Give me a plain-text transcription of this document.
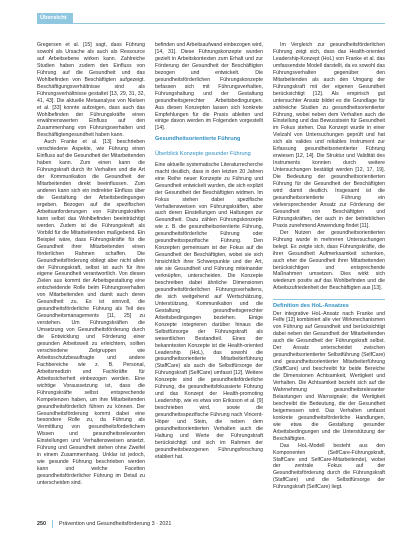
Übersicht

Gregersen et al. [15] sagt, dass Führung sowohl als Ursache als auch als Ressource auf Arbeitsebene wirken kann. Zahlreiche Studien haben zudem den Einfluss von Führung auf die Gesundheit und das Wohlbefinden von Beschäftigten aufgezeigt. Beschäftigungsverhältnisse sind als Führungsverhältnisse gestaltet [13, 29, 31, 32, 41, 43]. Die aktuelle Metaanalyse von Nielsen et al. [33] konnte aufzeigen, dass auch das Wohlbefinden der Führungskräfte einen erwähnenswerten Einfluss auf den Zusammenhang von Führungsverhalten und Beschäftigtengesundheit haben kann.

Auch Franke et al. [13] beschrieben verschiedene Aspekte, wie Führung einen Einfluss auf die Gesundheit der Mitarbeitenden haben kann. Zum einen kann die Führungskraft durch ihr Verhalten und die Art der Kommunikation die Gesundheit der Mitarbeitenden direkt beeinflussen. Zum anderen kann sich ein indirekter Einfluss über die Gestaltung der Arbeitsbedingungen ergeben. Bezogen auf die spezifischen Arbeitsanforderungen von Führungskräften kann selbst das Wohlbefinden beeinträchtigt werden. Zudem ist die Führungskraft als Vorbild für die Mitarbeitenden maßgebend. Ein Beispiel wäre, dass Führungskräfte für die Gesundheit ihrer Mitarbeitenden einen förderlichen Rahmen schaffen. Die Gesundheitsförderung obliegt aber nicht allein der Führungskraft, selbst ist auch für ihre eigene Gesundheit verantwortlich. Von diesen Zielen aus kommt der Arbeitsgestaltung eine entscheidende Rolle beim Führungsverhalten von Mitarbeitenden und damit auch deren Gesundheit zu. Es ist sinnvoll, die gesundheitsförderliche Führung als Teil des Gesundheitsmanagements [11, 25] zu verstehen. Um Führungskräften die Umsetzung von Gesundheitsförderung durch die Entwicklung und Förderung einer gesunden Arbeitswelt zu erleichtern, sollten verschiedene Zielgruppen wie Arbeitsschutzbeauftragte und andere Fachbereiche wie z. B. Personal, Arbeitsmedizin und Fachkräfte für Arbeitssicherheit einbezogen werden. Eine wichtige Voraussetzung ist, dass die Führungskräfte selbst entsprechende Kompetenzen haben, um ihre Mitarbeitenden gesundheitsförderlich führen zu können. Der Gesundheitsförderung kommt dabei eine besondere Rolle zu, da Führung als Vermittlung von gesundheitsförderlichem Wissen und gesundheitsrelevanten Einstellungen und Verhaltensweisen ansetzt. Führung und Gesundheit stehen ohne Zweifel in einem Zusammenhang. Unklar ist jedoch, wie gesunde Führung beschrieben werden kann und welche Facetten gesundheitsförderlicher Führung im Detail zu unterscheiden sind.

befinden und Arbeitsaufwand einbezogen wird, [14, 31]. Diese Führungskonzepte wurden gezielt in Arbeitskontexten zum Erhalt und zur Förderung der Gesundheit der Beschäftigten bezogen und entwickelt. Die gesundheitsförderlichen Führungskonzepte befassen sich mit Führungsverhalten, Führungshaltung und der Gestaltung gesundheitsgerechter Arbeitsbedingungen. Aus diesen Konzepten lassen sich konkrete Empfehlungen für die Praxis ableiten und einige davon werden im Folgenden vorgestellt [14].

Gesundheitsorientierte Führung
Überblick Konzepte gesunder Führung

Eine aktuelle systematische Literaturrecherche macht deutlich, dass in den letzten 20 Jahren eine Reihe neuer Konzepte zu Führung und Gesundheit entwickelt wurden, die sich explizit der Gesundheit der Beschäftigten widmen. Im Fokus stehen dabei spezifische Verhaltensweisen von Führungskräften, aber auch deren Einstellungen und Haltungen zur Gesundheit. Dazu zählen Führungskonzepte wie z. B. die gesundheitsorientierte Führung, gesundheitsförderliche Führung oder gesundheitsspezifische Führung. Den Konzepten gemeinsam ist der Fokus auf die Gesundheit der Beschäftigten, wobei sie sich hinsichtlich ihrer Schwerpunkte und der Art, wie sie Gesundheit und Führung miteinander verknüpfen, unterscheiden. Die Konzepte beschreiben dabei ähnliche Dimensionen gesundheitsförderlichen Führungsverhaltens, die sich weitgehend auf Wertschätzung, Unterstützung, Kommunikation und die Gestaltung gesundheitsgerechter Arbeitsbedingungen beziehen. Einige Konzepte integrieren darüber hinaus die Selbstfürsorge der Führungskraft als wesentlichen Bestandteil. Eines der bekanntesten Konzepte ist die Health-oriented Leadership (HoL), das sowohl die gesundheitsorientierte Mitarbeiterführung (StaffCare) als auch die Selbstfürsorge der Führungskraft (SelfCare) umfasst [12]. Weitere Konzepte sind die gesundheitsförderliche Führung, die gesundheitsfokussierte Führung und das Konzept der Health-promoting Leadership, wie es etwa von Eriksson et al. [9] beschrieben wird, sowie die gesundheitsspezifische Führung nach Vincent-Höper und Stein, die neben dem gesundheitsorientierten Verhalten auch die Haltung und Werte der Führungskraft berücksichtigt und sich im Rahmen der gesundheitsbezogenen Führungsforschung etabliert hat.

Im Vergleich zur gesundheitsförderlichen Führung zeigt sich, dass das Health-oriented Leadership-Konzept (HoL) von Franke et al. das umfassendste Modell darstellt, da es sowohl das Führungsverhalten gegenüber den Mitarbeitenden als auch den Umgang der Führungskraft mit der eigenen Gesundheit berücksichtigt [12]. Als empirisch gut untersuchter Ansatz bildet es die Grundlage für zahlreiche Studien zu gesundheitsorientierter Führung, wobei neben dem Verhalten auch die Einstellung und das Bewusstsein für Gesundheit im Fokus stehen. Das Konzept wurde in einer Vielzahl von Untersuchungen geprüft und hat sich als valides und reliables Instrument zur Erfassung gesundheitsorientierter Führung erwiesen [12, 14]. Die Struktur und Validität des Instruments konnten durch weitere Untersuchungen bestätigt werden [12, 17, 19]. Die Bedeutung der gesundheitsorientierten Führung für die Gesundheit der Beschäftigten wird damit deutlich. Insgesamt ist die gesundheitsorientierte Führung ein vielversprechender Ansatz zur Förderung der Gesundheit von Beschäftigten und Führungskräften, der auch in der betrieblichen Praxis zunehmend Anwendung findet [11].

Der Nutzen der gesundheitsorientierten Führung wurde in mehreren Untersuchungen belegt. Es zeigte sich, dass Führungskräfte, die ihrer Gesundheit Aufmerksamkeit schenken, auch eher die Gesundheit ihrer Mitarbeitenden berücksichtigen und entsprechende Maßnahmen umsetzen. Dies wirkt sich wiederum positiv auf das Wohlbefinden und die Arbeitszufriedenheit der Beschäftigten aus [13].

Definition des HoL-Ansatzes

Der integrative HoL-Ansatz nach Franke und Felfe [12] kombiniert alle vier Wirkmechanismen von Führung auf Gesundheit und berücksichtigt dabei neben der Gesundheit der Mitarbeitenden auch die Gesundheit der Führungskraft selbst. Der Ansatz unterscheidet zwischen gesundheitsorientierter Selbstführung (SelfCare) und gesundheitsorientierter Mitarbeiterführung (StaffCare) und beschreibt für beide Bereiche die Dimensionen Achtsamkeit, Wertigkeit und Verhalten. Die Achtsamkeit bezieht sich auf die Wahrnehmung gesundheitsrelevanter Belastungen und Warnsignale; die Wertigkeit beschreibt die Bedeutung, die der Gesundheit beigemessen wird. Das Verhalten umfasst konkrete gesundheitsförderliche Handlungen, wie etwa die Gestaltung gesunder Arbeitsbedingungen und die Unterstützung der Beschäftigten.

Das HoL-Modell besteht aus den Komponenten (SelfCare-Führungskraft, StaffCare und SelfCare-Mitarbeitende), wobei der zentrale Fokus auf der Gesundheitsförderung durch die Führungskraft (StaffCare) und die Selbstfürsorge der Führungskraft (SelfCare) liegt.

250 Prävention und Gesundheitsförderung 3 · 2021
